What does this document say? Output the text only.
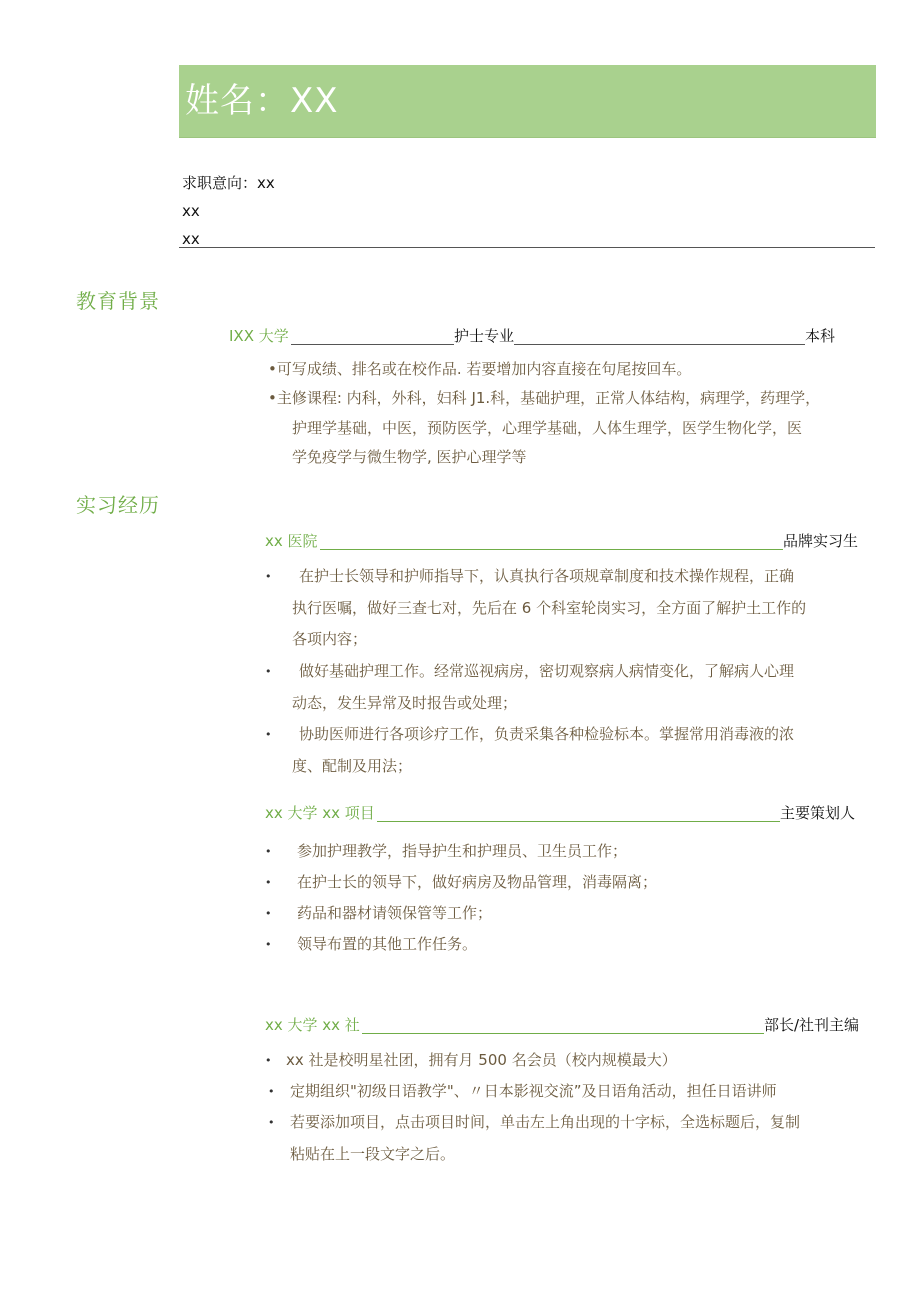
姓名：XX
求职意向：xx
xx
xx
教育背景
IXX 大学	护士专业	本科
•可写成绩、排名或在校作品. 若要增加内容直接在句尾按回车。
•主修课程: 内科，外科，妇科 J1.科，基础护理，正常人体结构，病理学，药理学，
护理学基础，中医，预防医学，心理学基础，人体生理学，医学生物化学，医
学免疫学与微生物学, 医护心理学等
实习经历
xx 医院	品牌实习生
•	在护士长领导和护师指导下，认真执行各项规章制度和技术操作规程，正确
执行医嘱，做好三查七对，先后在 6 个科室轮岗实习，全方面了解护土工作的
各项内容；
•	做好基础护理工作。经常巡视病房，密切观察病人病情变化，了解病人心理
动态，发生异常及时报告或处理；
•	协助医师进行各项诊疗工作，负责采集各种检验标本。掌握常用消毒液的浓
度、配制及用法；
xx 大学 xx 项目	主要策划人
•	参加护理教学，指导护生和护理员、卫生员工作；
•	在护士长的领导下，做好病房及物品管理，消毒隔离；
•	药品和器材请领保管等工作；
•	领导布置的其他工作任务。
xx 大学 xx 社	部长/社刊主编
• xx 社是校明星社团，拥有月 500 名会员（校内规模最大）
•	定期组织"初级日语教学"、〃日本影视交流”及日语角活动，担任日语讲师
•	若要添加项目，点击项目时间，单击左上角出现的十字标，全选标题后，复制
粘贴在上一段文字之后。
